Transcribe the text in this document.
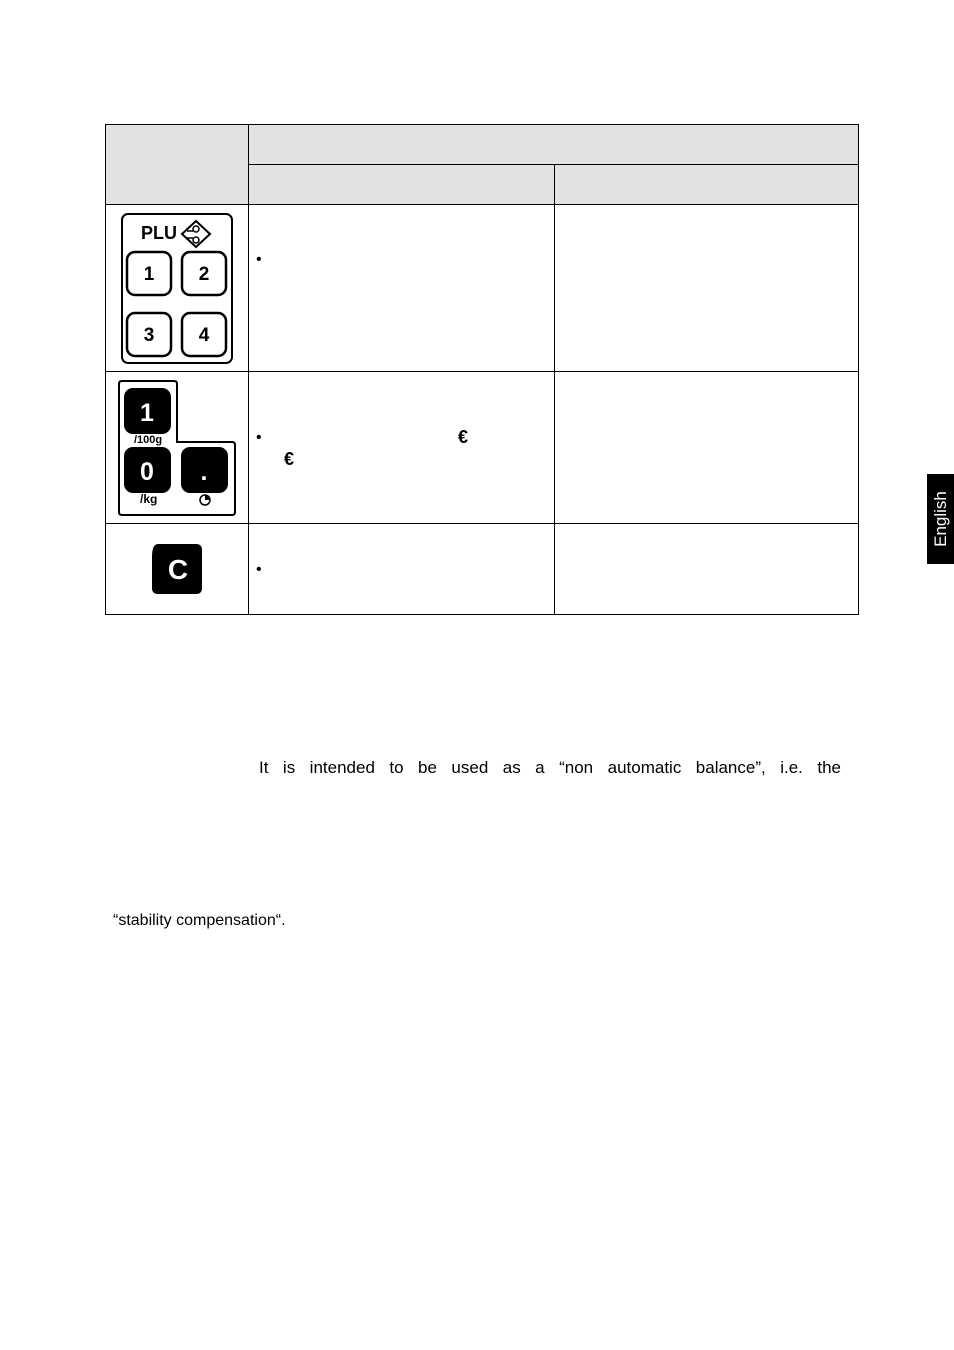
PLU
1 2
3 4	•	

1
/100g
0
/kg
.	• €
€	

C	•	

English
It is intended to be used as a “non automatic balance”, i.e. the
“stability compensation“.
